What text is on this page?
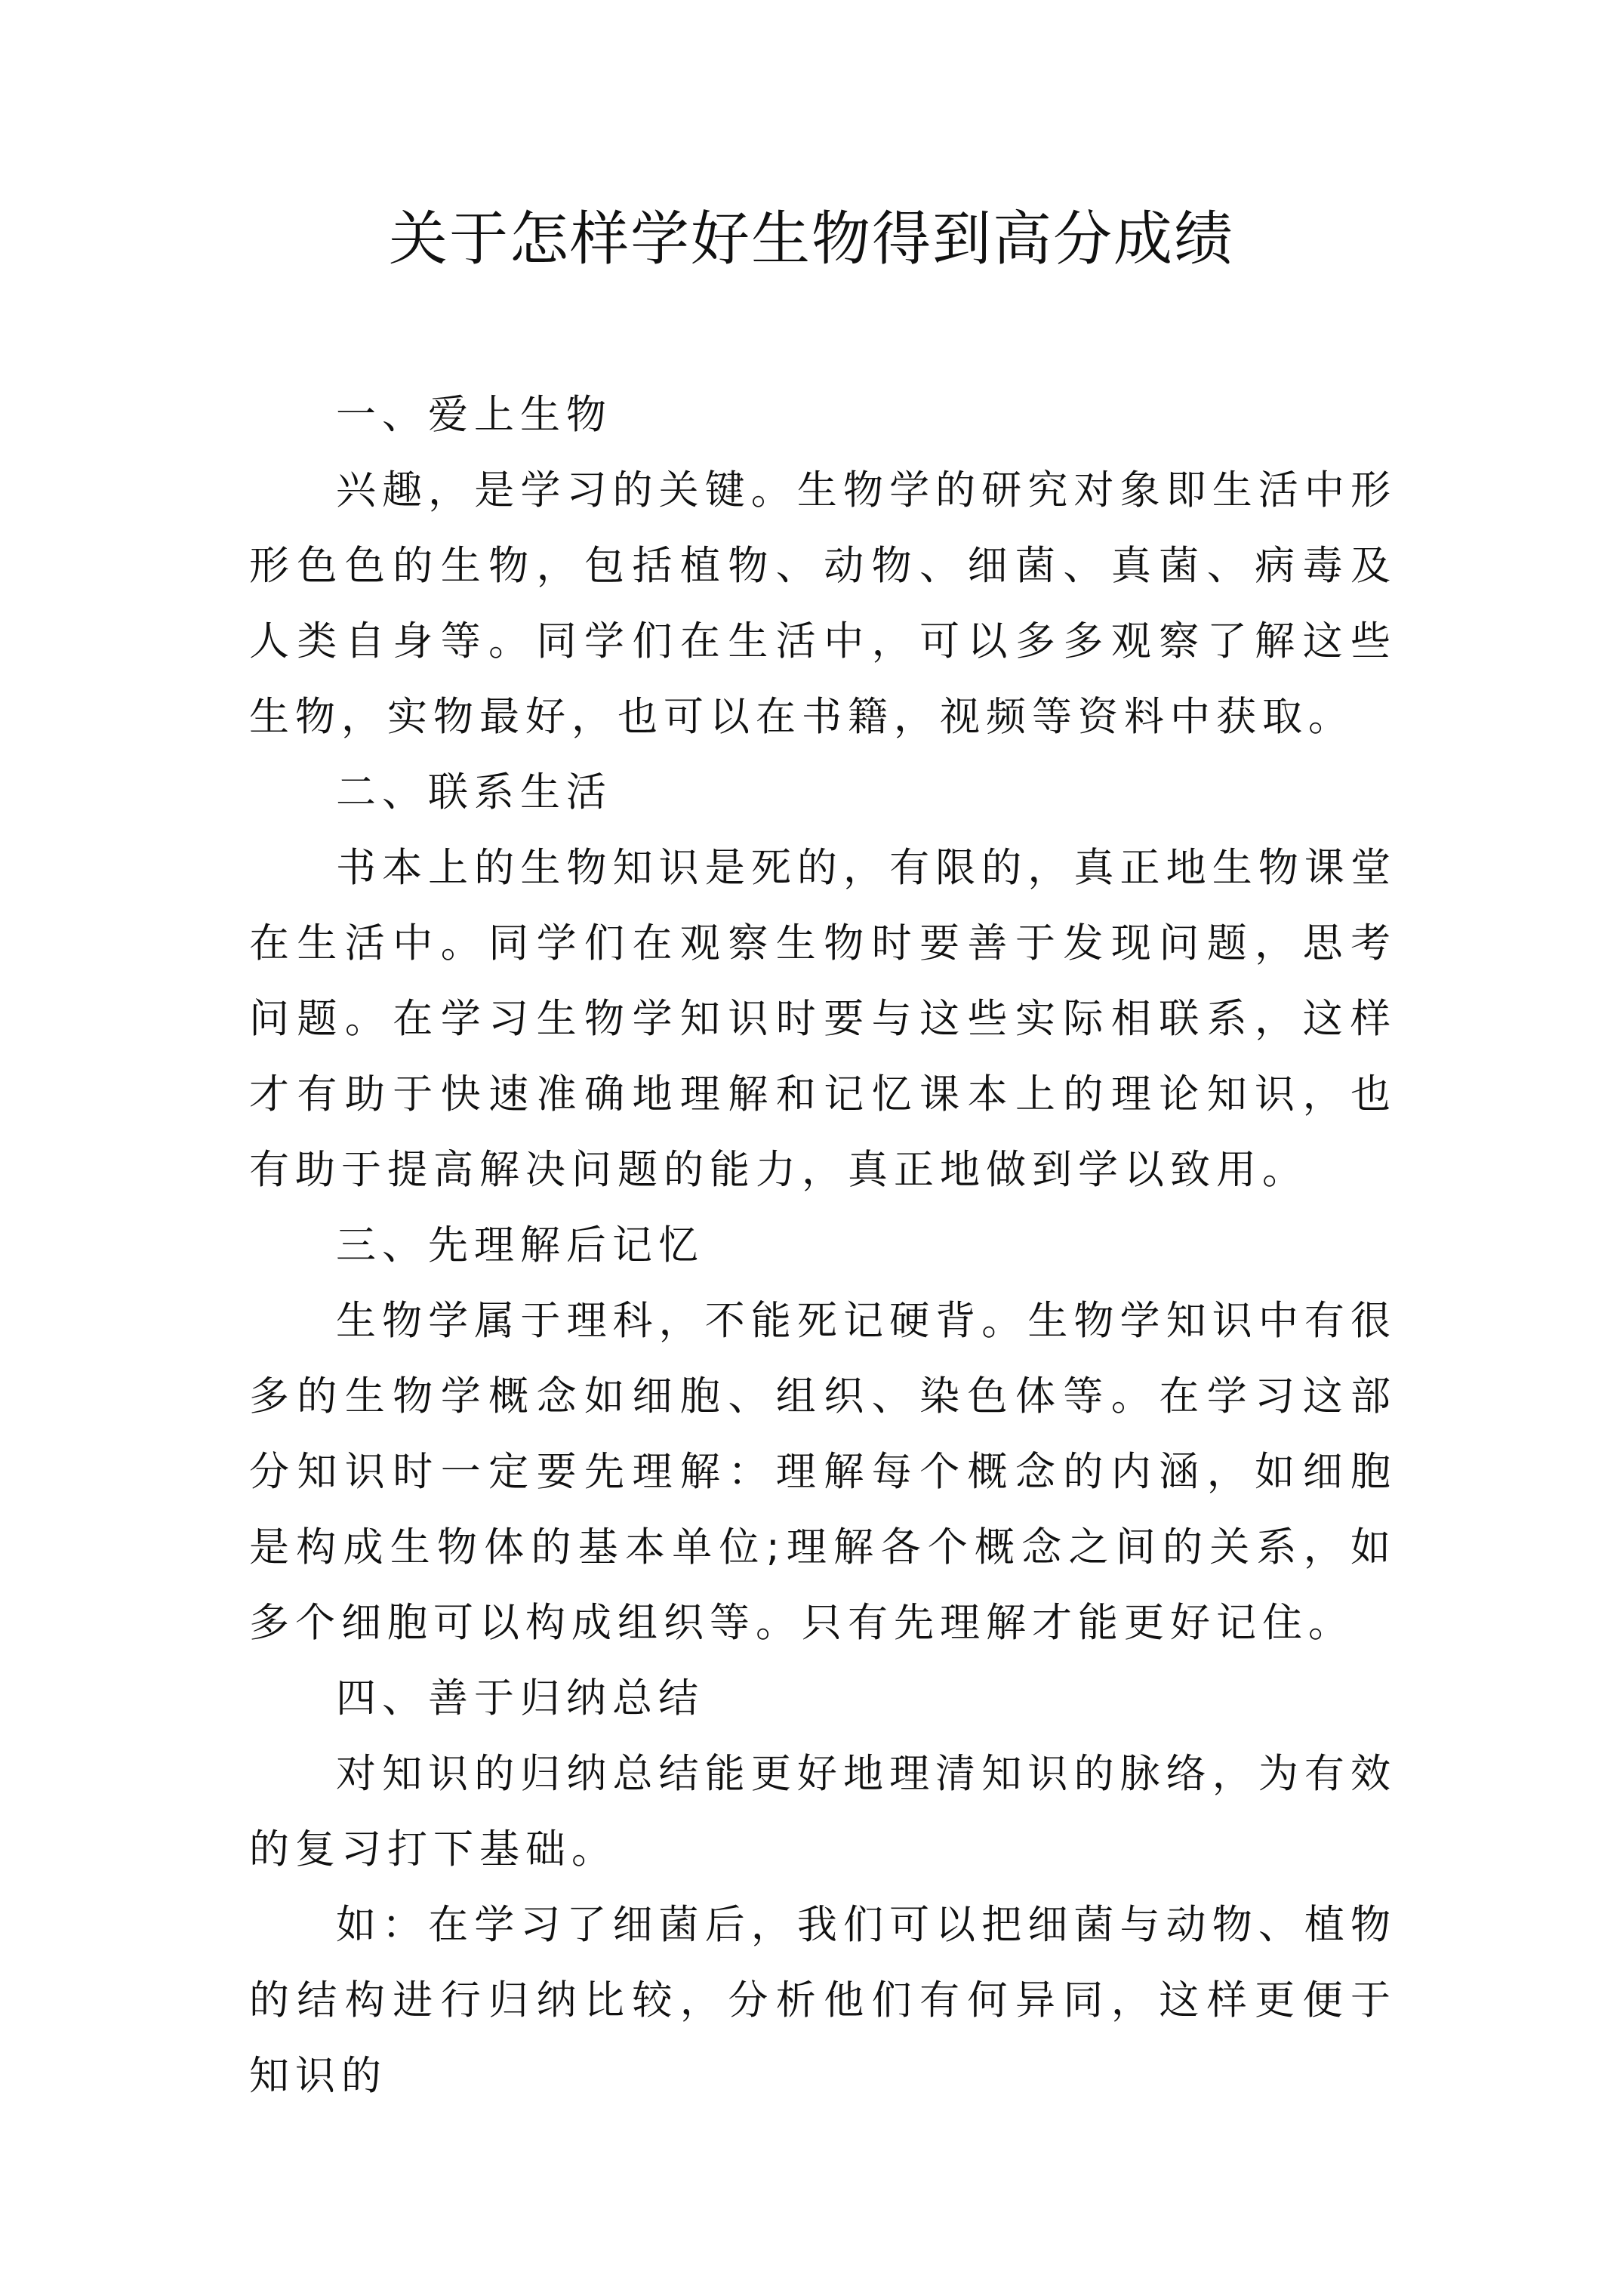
关于怎样学好生物得到高分成绩

一、爱上生物

兴趣，是学习的关键。生物学的研究对象即生活中形形色色的生物，包括植物、动物、细菌、真菌、病毒及人类自身等。同学们在生活中，可以多多观察了解这些生物，实物最好，也可以在书籍，视频等资料中获取。

二、联系生活

书本上的生物知识是死的，有限的，真正地生物课堂在生活中。同学们在观察生物时要善于发现问题，思考问题。在学习生物学知识时要与这些实际相联系，这样才有助于快速准确地理解和记忆课本上的理论知识，也有助于提高解决问题的能力，真正地做到学以致用。

三、先理解后记忆

生物学属于理科，不能死记硬背。生物学知识中有很多的生物学概念如细胞、组织、染色体等。在学习这部分知识时一定要先理解：理解每个概念的内涵，如细胞是构成生物体的基本单位;理解各个概念之间的关系，如多个细胞可以构成组织等。只有先理解才能更好记住。

四、善于归纳总结

对知识的归纳总结能更好地理清知识的脉络，为有效的复习打下基础。

如：在学习了细菌后，我们可以把细菌与动物、植物的结构进行归纳比较，分析他们有何异同，这样更便于知识的
